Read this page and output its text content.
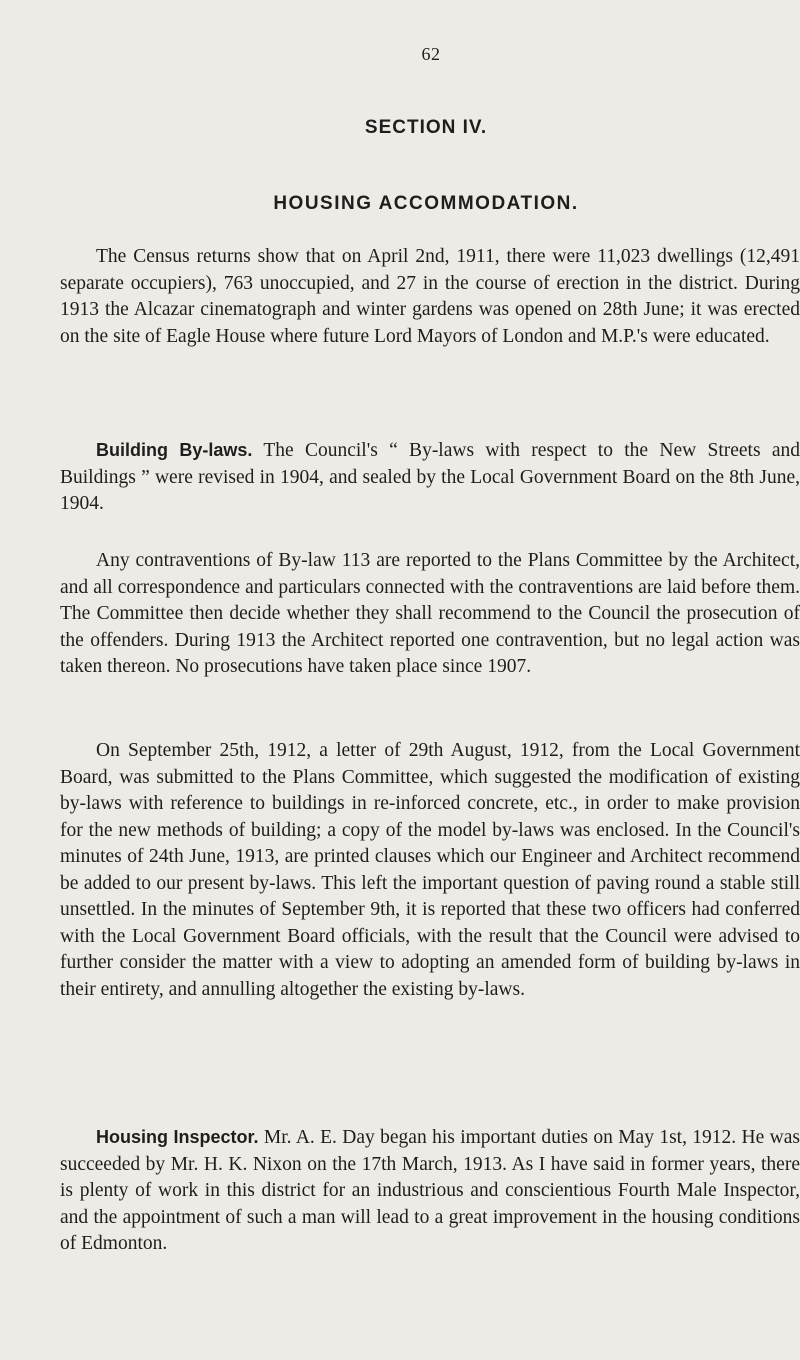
62
SECTION IV.
HOUSING ACCOMMODATION.

The Census returns show that on April 2nd, 1911, there were 11,023 dwellings (12,491 separate occupiers), 763 unoccupied, and 27 in the course of erection in the district. During 1913 the Alcazar cinematograph and winter gardens was opened on 28th June; it was erected on the site of Eagle House where future Lord Mayors of London and M.P.'s were educated.

Building By-laws. The Council's “ By-laws with respect to the New Streets and Buildings ” were revised in 1904, and sealed by the Local Government Board on the 8th June, 1904.

Any contraventions of By-law 113 are reported to the Plans Committee by the Architect, and all correspondence and particulars connected with the contraventions are laid before them. The Committee then decide whether they shall recommend to the Council the prosecution of the offenders. During 1913 the Architect reported one contravention, but no legal action was taken thereon. No prosecutions have taken place since 1907.

On September 25th, 1912, a letter of 29th August, 1912, from the Local Government Board, was submitted to the Plans Committee, which suggested the modification of existing by-laws with reference to buildings in re-inforced concrete, etc., in order to make provision for the new methods of building; a copy of the model by-laws was enclosed. In the Council's minutes of 24th June, 1913, are printed clauses which our Engineer and Architect recommend be added to our present by-laws. This left the important question of paving round a stable still unsettled. In the minutes of September 9th, it is reported that these two officers had conferred with the Local Government Board officials, with the result that the Council were advised to further consider the matter with a view to adopting an amended form of building by-laws in their entirety, and annulling altogether the existing by-laws.

Housing Inspector. Mr. A. E. Day began his important duties on May 1st, 1912. He was succeeded by Mr. H. K. Nixon on the 17th March, 1913. As I have said in former years, there is plenty of work in this district for an industrious and conscientious Fourth Male Inspector, and the appointment of such a man will lead to a great improvement in the housing conditions of Edmonton.
